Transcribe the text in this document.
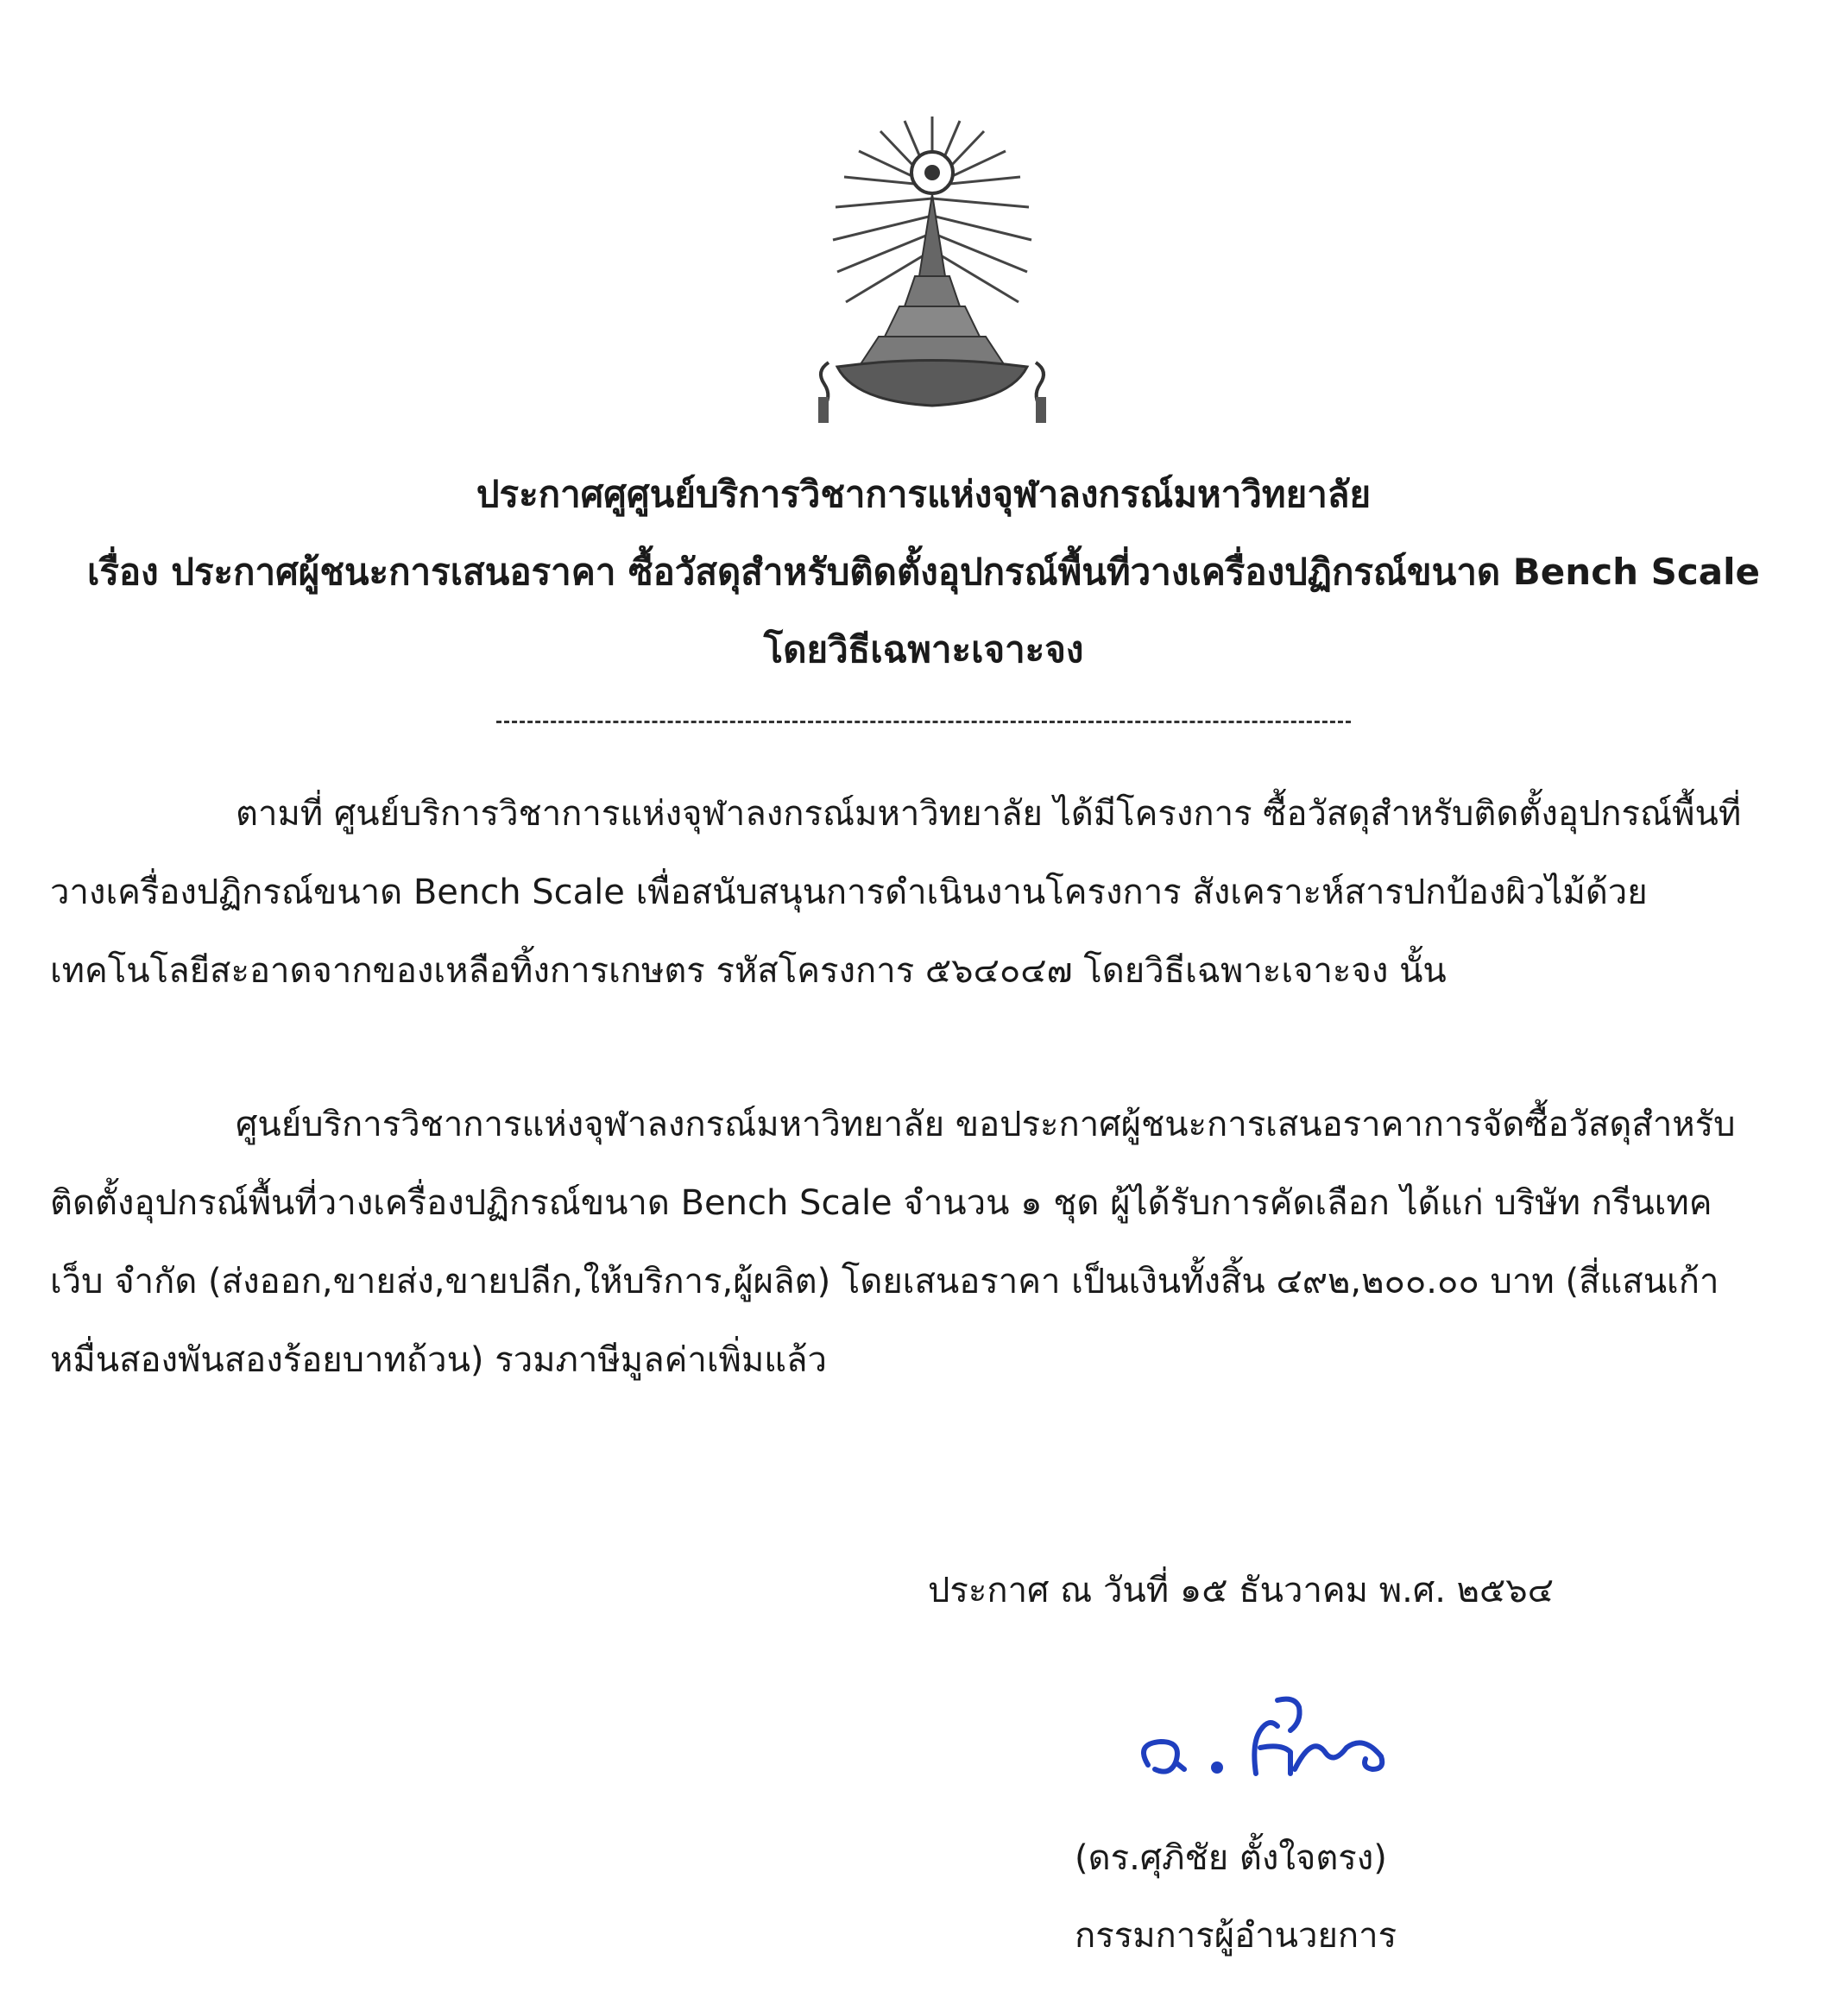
ประกาศศูศูนย์บริการวิชาการแห่งจุฬาลงกรณ์มหาวิทยาลัย
เรื่อง ประกาศผู้ชนะการเสนอราคา ซื้อวัสดุสำหรับติดตั้งอุปกรณ์พื้นที่วางเครื่องปฏิกรณ์ขนาด Bench Scale
โดยวิธีเฉพาะเจาะจง
ตามที่ ศูนย์บริการวิชาการแห่งจุฬาลงกรณ์มหาวิทยาลัย ได้มีโครงการ ซื้อวัสดุสำหรับติดตั้งอุปกรณ์พื้นที่
วางเครื่องปฏิกรณ์ขนาด Bench Scale เพื่อสนับสนุนการดำเนินงานโครงการ สังเคราะห์สารปกป้องผิวไม้ด้วย
เทคโนโลยีสะอาดจากของเหลือทิ้งการเกษตร รหัสโครงการ ๕๖๔๐๔๗ โดยวิธีเฉพาะเจาะจง นั้น
ศูนย์บริการวิชาการแห่งจุฬาลงกรณ์มหาวิทยาลัย ขอประกาศผู้ชนะการเสนอราคาการจัดซื้อวัสดุสำหรับ
ติดตั้งอุปกรณ์พื้นที่วางเครื่องปฏิกรณ์ขนาด Bench Scale จำนวน ๑ ชุด ผู้ได้รับการคัดเลือก ได้แก่ บริษัท กรีนเทค
เว็บ จำกัด (ส่งออก,ขายส่ง,ขายปลีก,ให้บริการ,ผู้ผลิต) โดยเสนอราคา เป็นเงินทั้งสิ้น ๔๙๒,๒๐๐.๐๐ บาท (สี่แสนเก้า
หมื่นสองพันสองร้อยบาทถ้วน) รวมภาษีมูลค่าเพิ่มแล้ว
ประกาศ ณ วันที่ ๑๕ ธันวาคม พ.ศ. ๒๕๖๔
(ดร.ศุภิชัย ตั้งใจตรง)
กรรมการผู้อำนวยการ
